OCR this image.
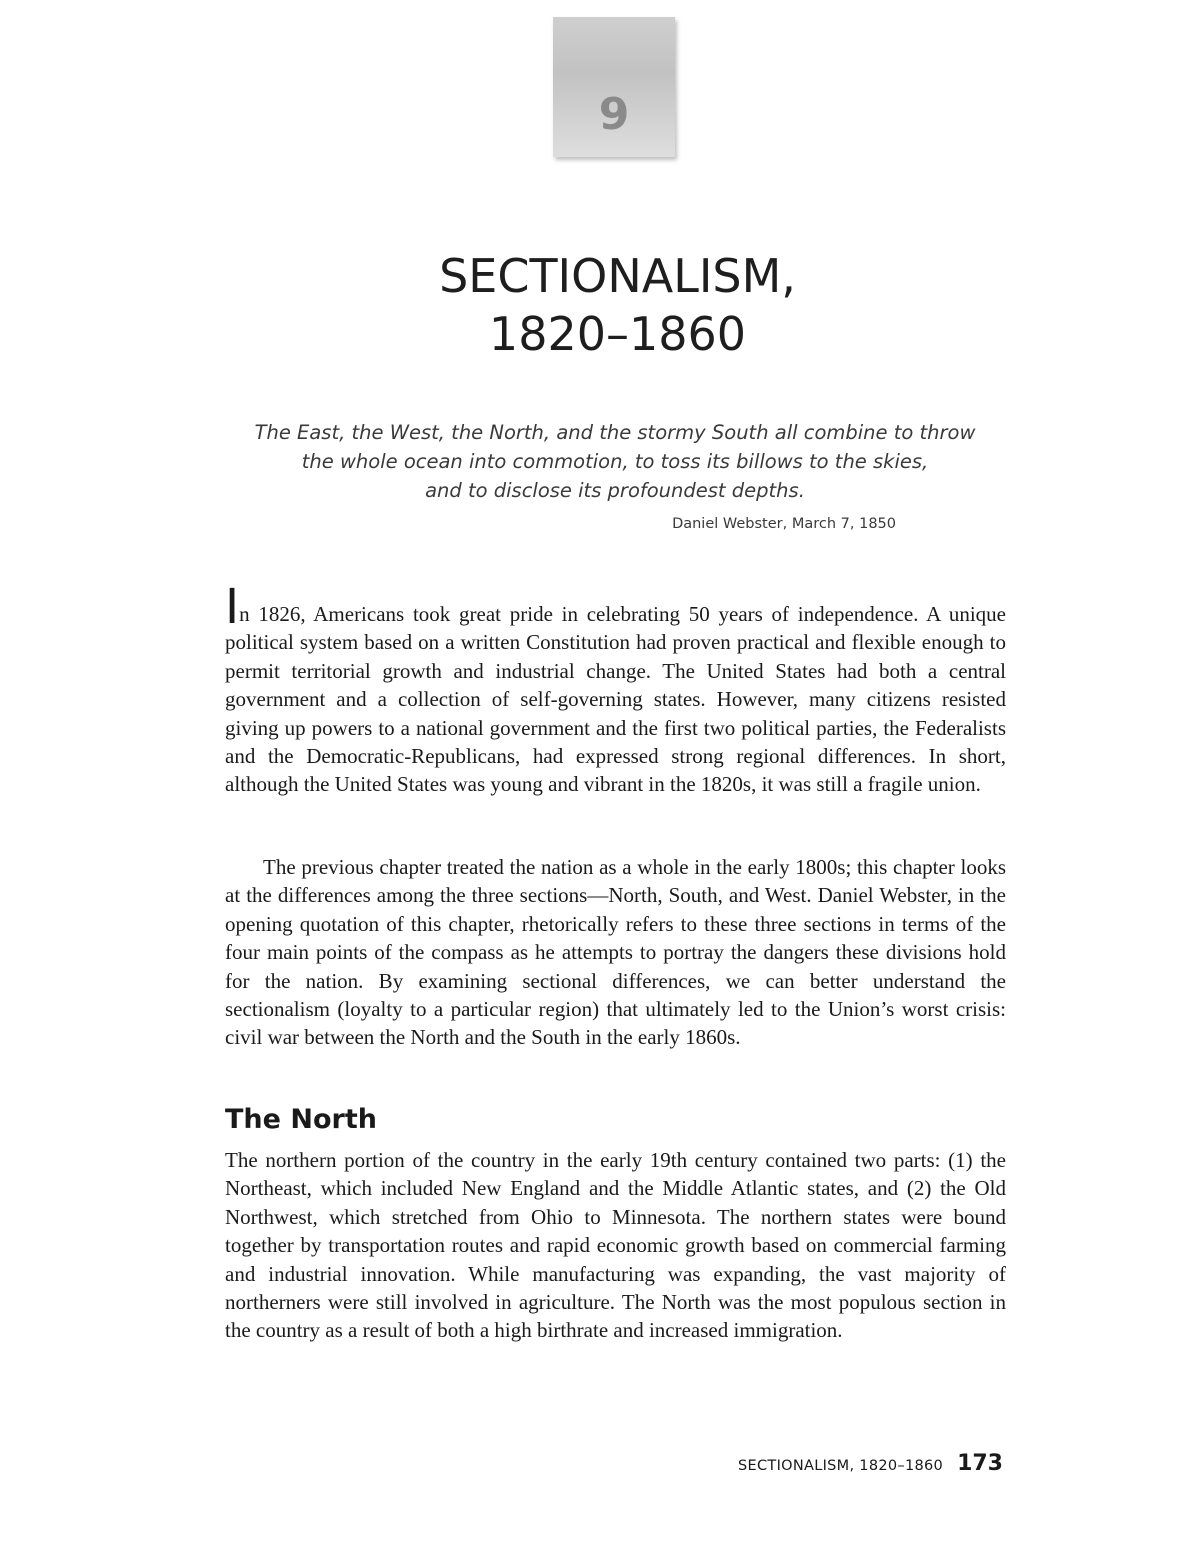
9
SECTIONALISM,
1820–1860
The East, the West, the North, and the stormy South all combine to throw
the whole ocean into commotion, to toss its billows to the skies,
and to disclose its profoundest depths.
Daniel Webster, March 7, 1850

In 1826, Americans took great pride in celebrating 50 years of independence. A unique political system based on a written Constitution had proven practical and flexible enough to permit territorial growth and industrial change. The United States had both a central government and a collection of self-governing states. However, many citizens resisted giving up powers to a national government and the first two political parties, the Federalists and the Democratic-Republicans, had expressed strong regional differences. In short, although the United States was young and vibrant in the 1820s, it was still a fragile union.

The previous chapter treated the nation as a whole in the early 1800s; this chapter looks at the differences among the three sections—North, South, and West. Daniel Webster, in the opening quotation of this chapter, rhetorically refers to these three sections in terms of the four main points of the compass as he attempts to portray the dangers these divisions hold for the nation. By examining sectional differences, we can better understand the sectionalism (loyalty to a particular region) that ultimately led to the Union’s worst crisis: civil war between the North and the South in the early 1860s.

The North

The northern portion of the country in the early 19th century contained two parts: (1) the Northeast, which included New England and the Middle Atlantic states, and (2) the Old Northwest, which stretched from Ohio to Minnesota. The northern states were bound together by transportation routes and rapid economic growth based on commercial farming and industrial innovation. While manufacturing was expanding, the vast majority of northerners were still involved in agriculture. The North was the most populous section in the country as a result of both a high birthrate and increased immigration.

SECTIONALISM, 1820–1860 173
